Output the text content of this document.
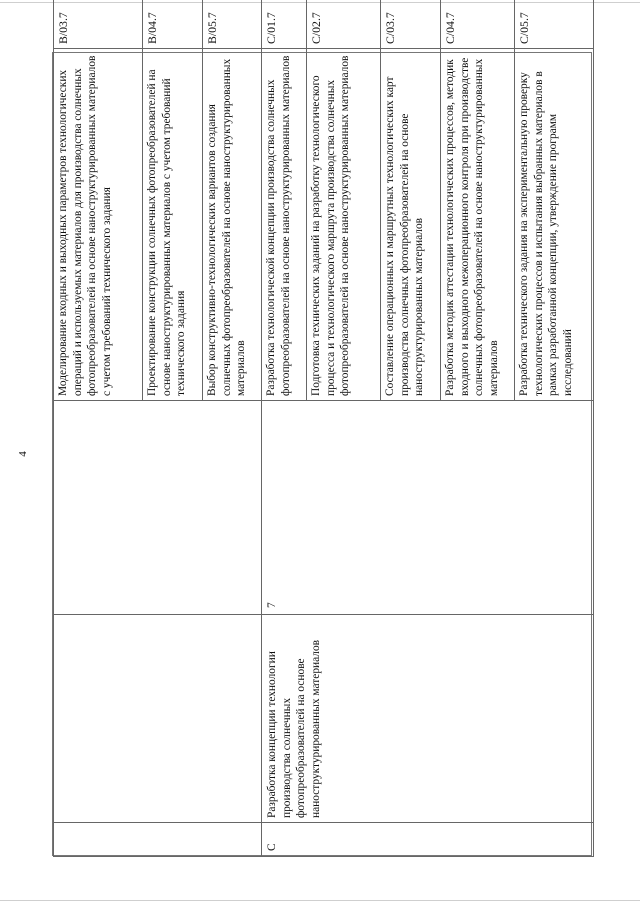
4
			Моделирование входных и выходных параметров технологических операций и используемых материалов для производства солнечных фотопреобразователей на основе наноструктурированных материалов с учетом требований технического задания	B/03.7	
			Проектирование конструкции солнечных фотопреобразователей на основе наноструктурированных материалов с учетом требований технического задания	B/04.7	
			Выбор конструктивно-технологических вариантов создания солнечных фотопреобразователей на основе наноструктурированных материалов	B/05.7	
C	Разработка концепции технологии производства солнечных фотопреобразователей на основе наноструктурированных материалов	7	Разработка технологической концепции производства солнечных фотопреобразователей на основе наноструктурированных материалов	C/01.7	
			Подготовка технических заданий на разработку технологического процесса и технологического маршрута производства солнечных фотопреобразователей на основе наноструктурированных материалов	C/02.7	
			Составление операционных и маршрутных технологических карт производства солнечных фотопреобразователей на основе наноструктурированных материалов	C/03.7	
			Разработка методик аттестации технологических процессов, методик входного и выходного межоперационного контроля при производстве солнечных фотопреобразователей на основе наноструктурированных материалов	C/04.7	
			Разработка технического задания на экспериментальную проверку технологических процессов и испытания выбранных материалов в рамках разработанной концепции, утверждение программ исследований	C/05.7	
